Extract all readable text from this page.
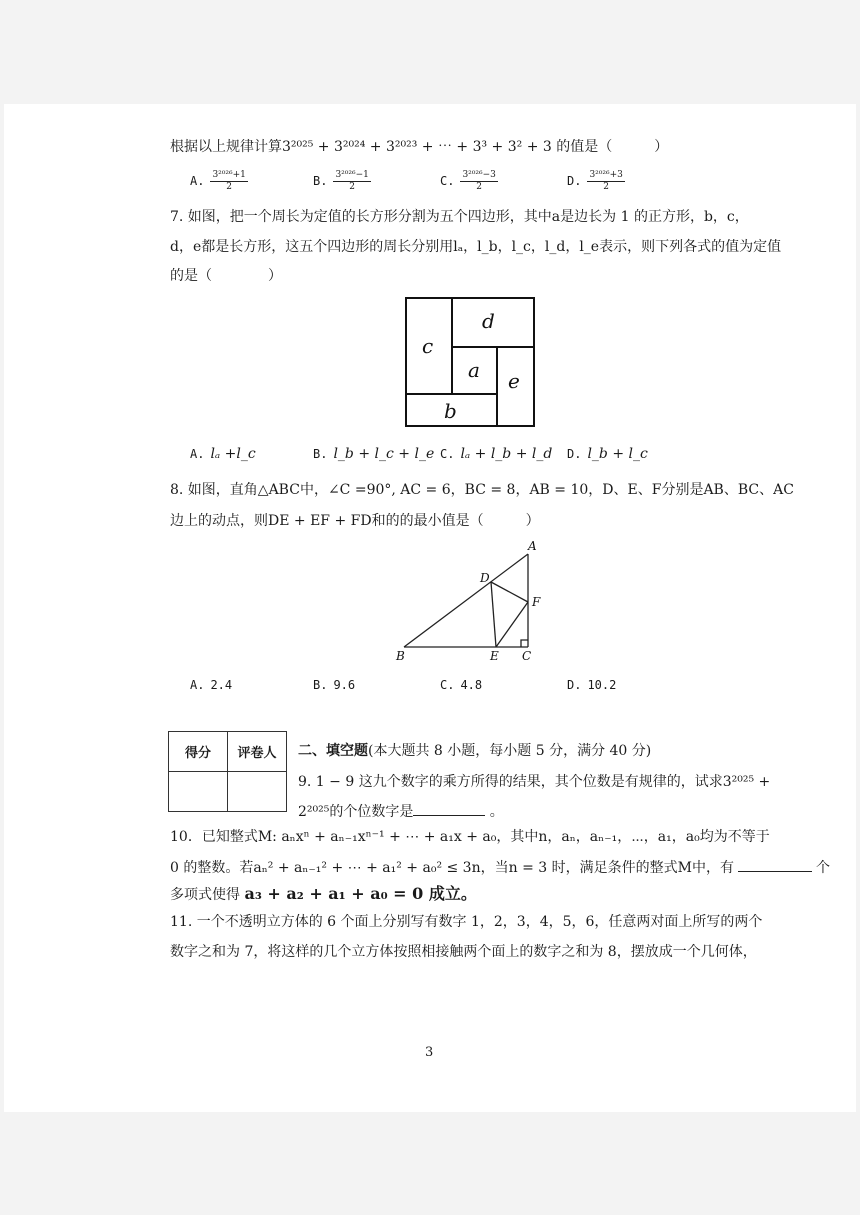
根据以上规律计算3²⁰²⁵ + 3²⁰²⁴ + 3²⁰²³ + ⋯ + 3³ + 3² + 3 的值是（　　　）
A. $\frac{\text{3²⁰²⁶+1}}{2}$	B. $\frac{\text{3²⁰²⁶−1}}{2}$	C. $\frac{\text{3²⁰²⁶−3}}{2}$	D. $\frac{\text{3²⁰²⁶+3}}{2}$
7. 如图，把一个周长为定值的长方形分割为五个四边形，其中a是边长为 1 的正方形，b，c，
d，e都是长方形，这五个四边形的周长分别用lₐ，l_b，l_c，l_d，l_e表示，则下列各式的值为定值
的是（　　　　）
c
d
a e
b
A. lₐ +l_c	B. l_b + l_c + l_e C. lₐ + l_b + l_d D. l_b + l_c
8. 如图，直角△ABC中，∠C =90°, AC = 6，BC = 8，AB = 10，D、E、F分别是AB、BC、AC
边上的动点，则DE + EF + FD和的的最小值是（　　　）
A
B	C
D
E
F
A. 2.4	B. 9.6	C. 4.8	D. 10.2
得分	评卷人
	二、填空题(本大题共 8 小题，每小题 5 分，满分 40 分)
9. 1 − 9 这九个数字的乘方所得的结果，其个位数是有规律的，试求3²⁰²⁵ +
2²⁰²⁵的个位数字是	。
10．已知整式M: aₙxⁿ + aₙ₋₁xⁿ⁻¹ + ⋯ + a₁x + a₀，其中n，aₙ，aₙ₋₁，⋯，a₁，a₀均为不等于
0 的整数。若aₙ² + aₙ₋₁² + ⋯ + a₁² + a₀² ≤ 3n，当n = 3 时，满足条件的整式M中，有	个
多项式使得 a₃ + a₂ + a₁ + a₀ = 0 成立。
11. 一个不透明立方体的 6 个面上分别写有数字 1，2，3，4，5，6，任意两对面上所写的两个
数字之和为 7，将这样的几个立方体按照相接触两个面上的数字之和为 8，摆放成一个几何体，
3
